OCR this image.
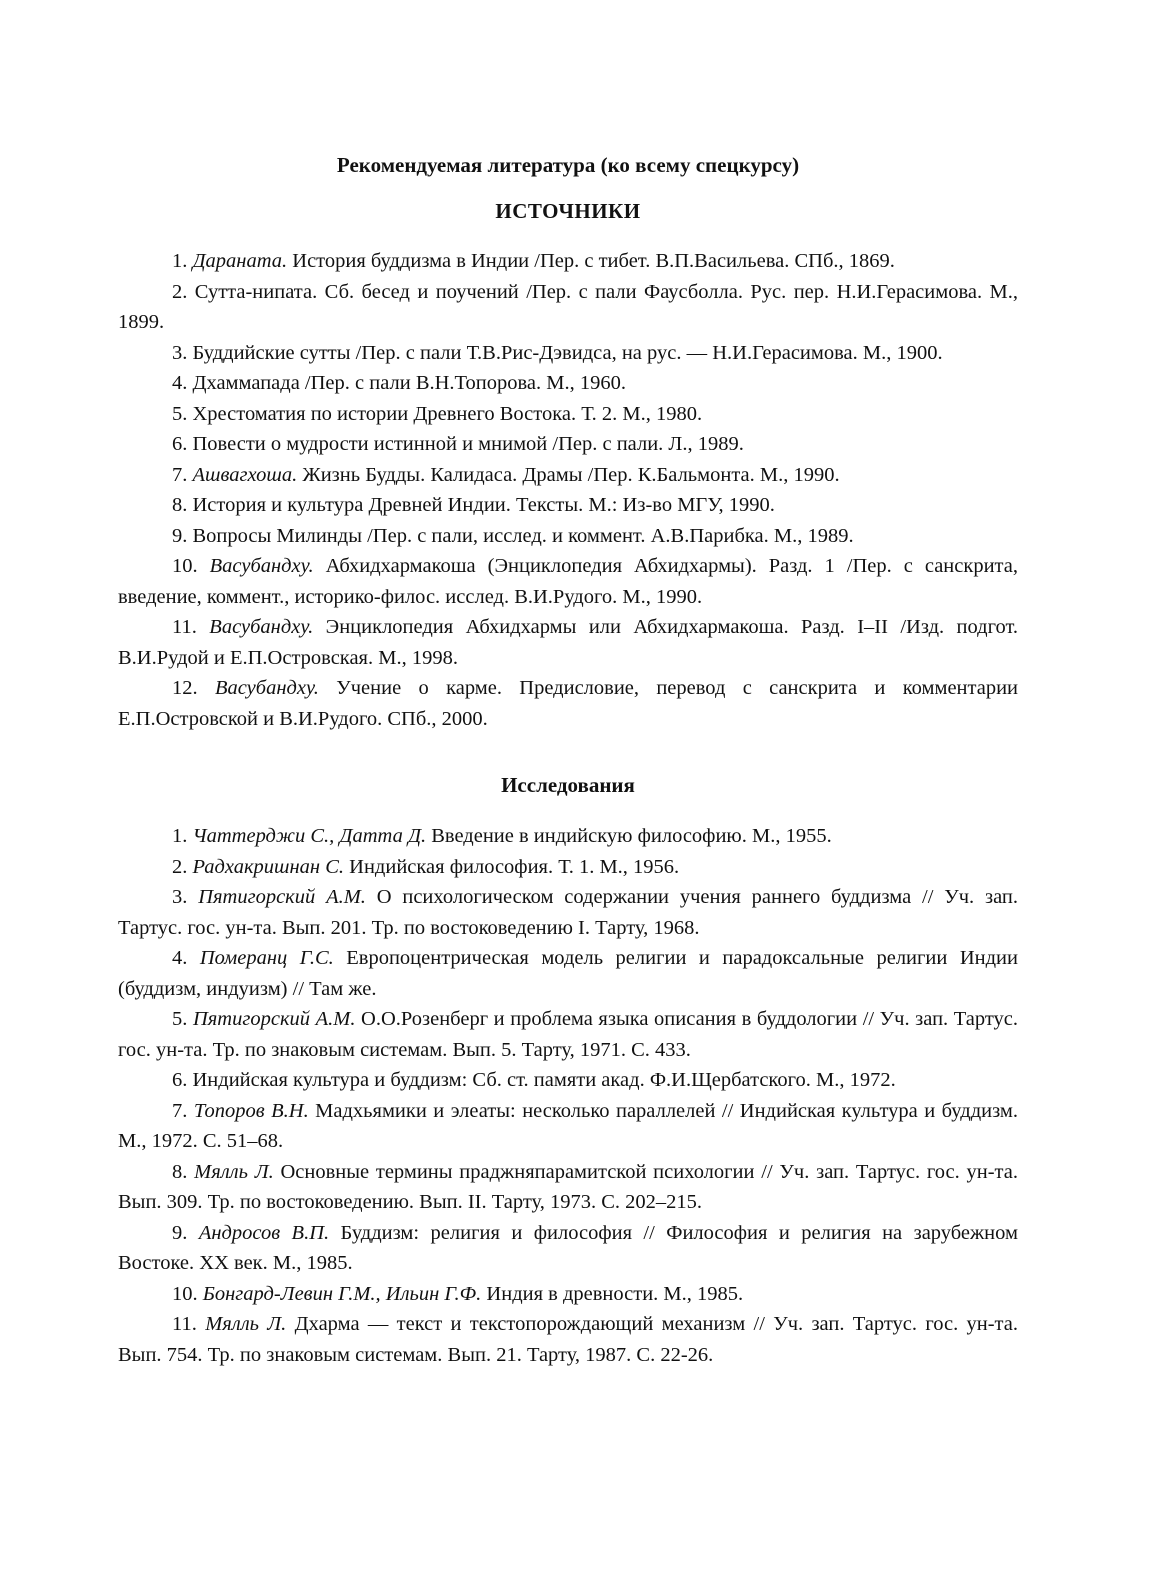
Рекомендуемая литература (ко всему спецкурсу)
ИСТОЧНИКИ

1. Дараната. История буддизма в Индии /Пер. с тибет. В.П.Васильева. СПб., 1869.

2. Сутта-нипата. Сб. бесед и поучений /Пер. с пали Фаусболла. Рус. пер. Н.И.Герасимова. М., 1899.

3. Буддийские сутты /Пер. с пали Т.В.Рис-Дэвидса, на рус. — Н.И.Герасимова. М., 1900.

4. Дхаммапада /Пер. с пали В.Н.Топорова. М., 1960.

5. Хрестоматия по истории Древнего Востока. Т. 2. М., 1980.

6. Повести о мудрости истинной и мнимой /Пер. с пали. Л., 1989.

7. Ашвагхоша. Жизнь Будды. Калидаса. Драмы /Пер. К.Бальмонта. М., 1990.

8. История и культура Древней Индии. Тексты. М.: Из-во МГУ, 1990.

9. Вопросы Милинды /Пер. с пали, исслед. и коммент. А.В.Парибка. М., 1989.

10. Васубандху. Абхидхармакоша (Энциклопедия Абхидхармы). Разд. 1 /Пер. с санскрита, введение, коммент., историко-филос. исслед. В.И.Рудого. М., 1990.

11. Васубандху. Энциклопедия Абхидхармы или Абхидхармакоша. Разд. I–II /Изд. подгот. В.И.Рудой и Е.П.Островская. М., 1998.

12. Васубандху. Учение о карме. Предисловие, перевод с санскрита и комментарии Е.П.Островской и В.И.Рудого. СПб., 2000.

Исследования

1. Чаттерджи С., Датта Д. Введение в индийскую философию. М., 1955.

2. Радхакришнан С. Индийская философия. Т. 1. М., 1956.

3. Пятигорский А.М. О психологическом содержании учения раннего буддизма // Уч. зап. Тартус. гос. ун-та. Вып. 201. Тр. по востоковедению I. Тарту, 1968.

4. Померанц Г.С. Европоцентрическая модель религии и парадоксальные религии Индии (буддизм, индуизм) // Там же.

5. Пятигорский А.М. О.О.Розенберг и проблема языка описания в буддологии // Уч. зап. Тартус. гос. ун-та. Тр. по знаковым системам. Вып. 5. Тарту, 1971. С. 433.

6. Индийская культура и буддизм: Сб. ст. памяти акад. Ф.И.Щербатского. М., 1972.

7. Топоров В.Н. Мадхьямики и элеаты: несколько параллелей // Индийская культура и буддизм. М., 1972. С. 51–68.

8. Мялль Л. Основные термины праджняпарамитской психологии // Уч. зап. Тартус. гос. ун-та. Вып. 309. Тр. по востоковедению. Вып. II. Тарту, 1973. С. 202–215.

9. Андросов В.П. Буддизм: религия и философия // Философия и религия на зарубежном Востоке. XX век. М., 1985.

10. Бонгард-Левин Г.М., Ильин Г.Ф. Индия в древности. М., 1985.

11. Мялль Л. Дхарма — текст и текстопорождающий механизм // Уч. зап. Тартус. гос. ун-та. Вып. 754. Тр. по знаковым системам. Вып. 21. Тарту, 1987. С. 22-26.
